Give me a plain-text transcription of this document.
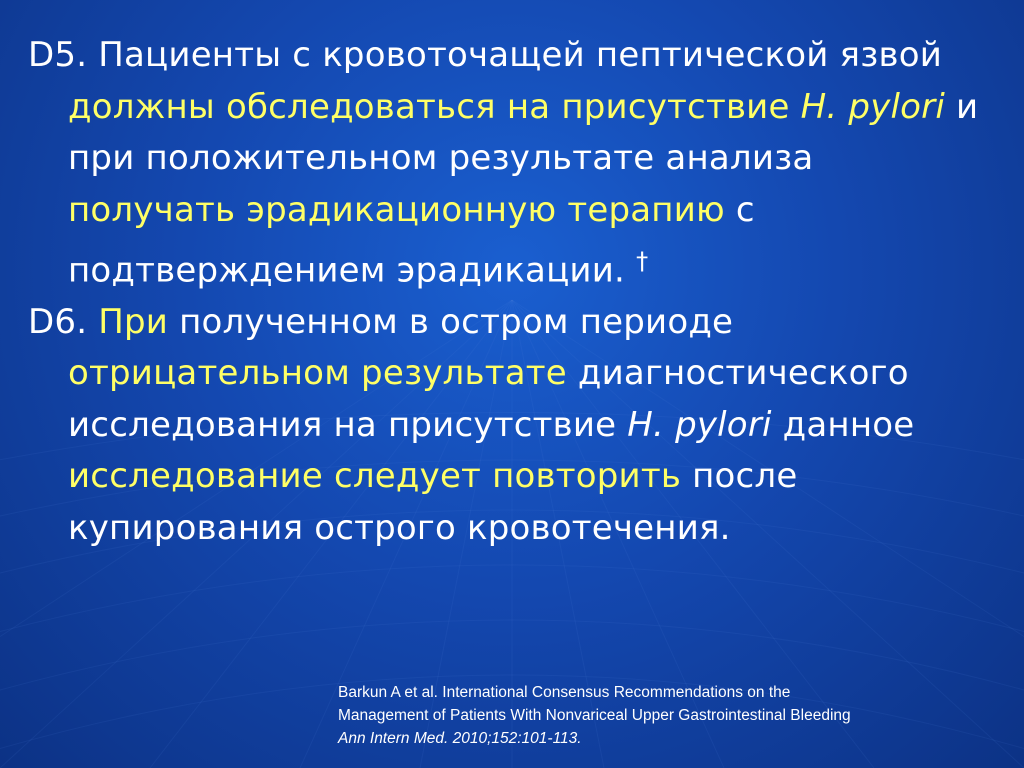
D5. Пациенты с кровоточащей пептической язвой должны обследоваться на присутствие H. pylori и при положительном результате анализа получать эрадикационную терапию с подтверждением эрадикации. †

D6. При полученном в остром периоде отрицательном результате диагностического исследования на присутствие H. pylori данное исследование следует повторить после купирования острого кровотечения.

Barkun A et al. International Consensus Recommendations on the
Management of Patients With Nonvariceal Upper Gastrointestinal Bleeding
Ann Intern Med. 2010;152:101-113.
